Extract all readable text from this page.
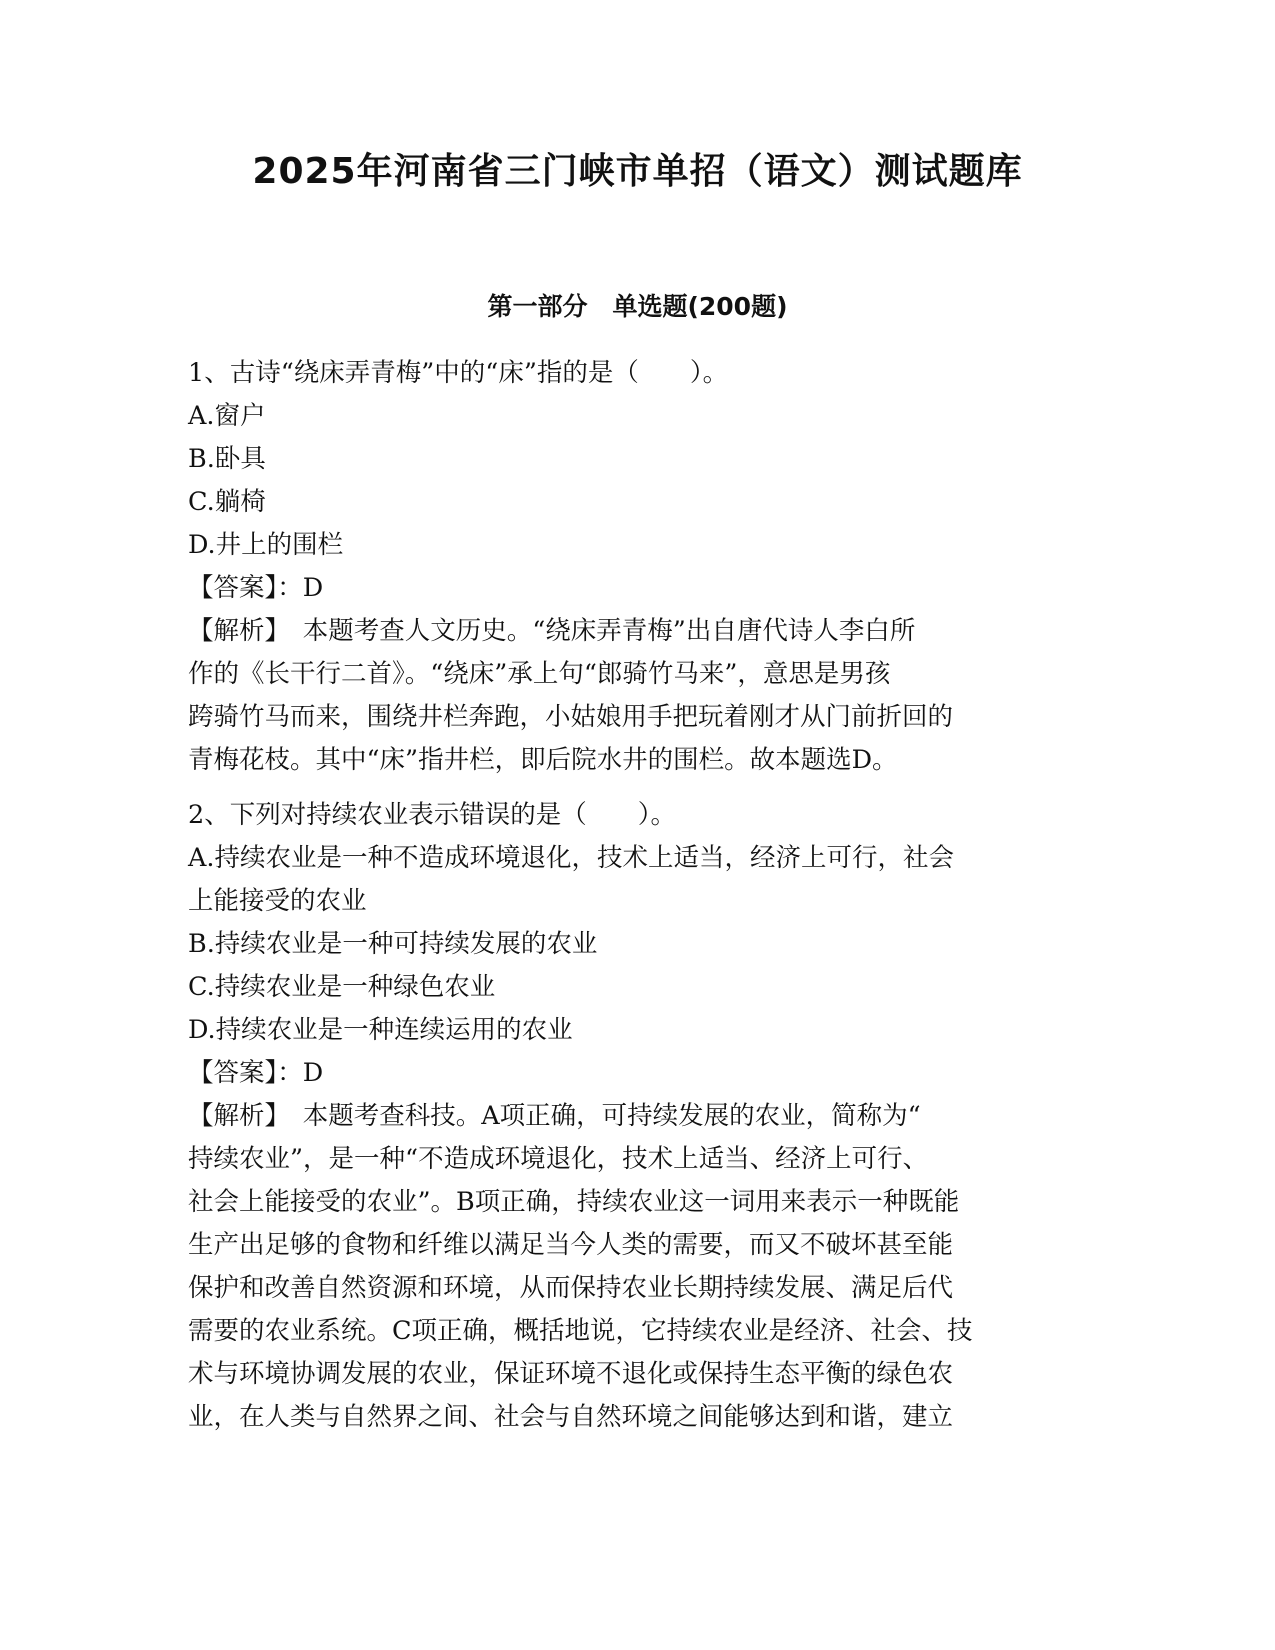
2025年河南省三门峡市单招（语文）测试题库
第一部分　单选题(200题)
1、古诗“绕床弄青梅”中的“床”指的是（　　）。
A.窗户
B.卧具
C.躺椅
D.井上的围栏
【答案】：D
【解析】　本题考查人文历史。“绕床弄青梅”出自唐代诗人李白所
作的《长干行二首》。“绕床”承上句“郎骑竹马来”，意思是男孩
跨骑竹马而来，围绕井栏奔跑，小姑娘用手把玩着刚才从门前折回的
青梅花枝。其中“床”指井栏，即后院水井的围栏。故本题选D。
2、下列对持续农业表示错误的是（　　）。
A.持续农业是一种不造成环境退化，技术上适当，经济上可行，社会
上能接受的农业
B.持续农业是一种可持续发展的农业
C.持续农业是一种绿色农业
D.持续农业是一种连续运用的农业
【答案】：D
【解析】　本题考查科技。A项正确，可持续发展的农业，简称为“
持续农业”，是一种“不造成环境退化，技术上适当、经济上可行、
社会上能接受的农业”。B项正确，持续农业这一词用来表示一种既能
生产出足够的食物和纤维以满足当今人类的需要，而又不破坏甚至能
保护和改善自然资源和环境，从而保持农业长期持续发展、满足后代
需要的农业系统。C项正确，概括地说，它持续农业是经济、社会、技
术与环境协调发展的农业，保证环境不退化或保持生态平衡的绿色农
业，在人类与自然界之间、社会与自然环境之间能够达到和谐，建立
